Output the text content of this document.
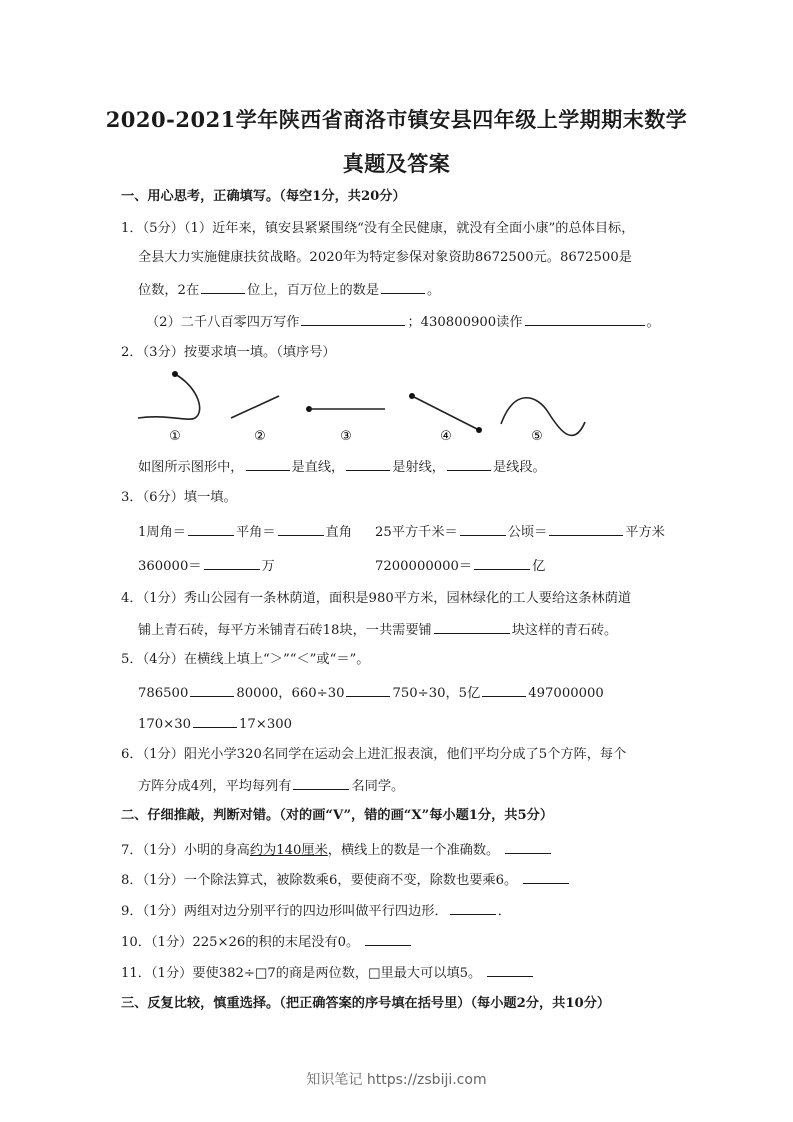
2020-2021学年陕西省商洛市镇安县四年级上学期期末数学
真题及答案
一、用心思考，正确填写。（每空1分，共20分）
1．（5分）（1）近年来，镇安县紧紧围绕“没有全民健康，就没有全面小康”的总体目标，
全县大力实施健康扶贫战略。2020年为特定参保对象资助8672500元。8672500是
位数，2在	位上，百万位上的数是	。
（2）二千八百零四万写作	；430800900读作	。
2．（3分）按要求填一填。（填序号）
①	②	③	④	⑤
如图所示图形中，	是直线，	是射线，	是线段。
3．（6分）填一填。
1周角＝	平角＝	直角 25平方千米＝	公顷＝	平方米
360000＝	万	7200000000＝	亿
4．（1分）秀山公园有一条林荫道，面积是980平方米，园林绿化的工人要给这条林荫道
铺上青石砖，每平方米铺青石砖18块，一共需要铺	块这样的青石砖。
5．（4分）在横线上填上“＞”“＜”或“＝”。
786500	80000，660÷30	750÷30，5亿	497000000
170×30	17×300
6．（1分）阳光小学320名同学在运动会上进汇报表演，他们平均分成了5个方阵，每个
方阵分成4列，平均每列有	名同学。
二、仔细推敲，判断对错。（对的画“V”，错的画“X”每小题1分，共5分）
7．（1分）小明的身高约为140厘米，横线上的数是一个准确数。
8．（1分）一个除法算式，被除数乘6，要使商不变，除数也要乘6。
9．（1分）两组对边分别平行的四边形叫做平行四边形．	．
10．（1分）225×26的积的末尾没有0。
11．（1分）要使382÷□7的商是两位数，□里最大可以填5。
三、反复比较，慎重选择。（把正确答案的序号填在括号里）（每小题2分，共10分）
知识笔记 https://zsbiji.com
